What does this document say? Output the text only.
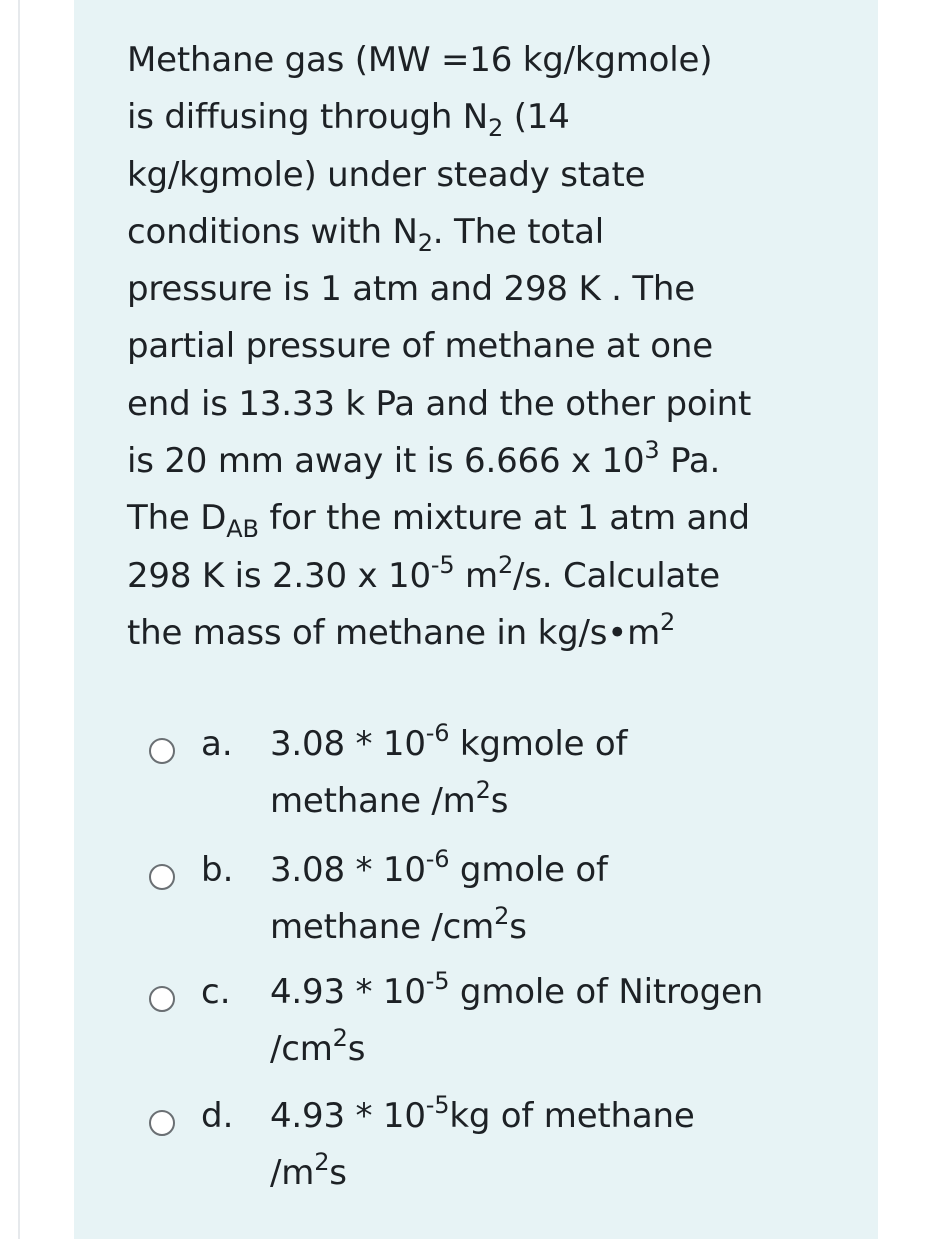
Methane gas (MW =16 kg/kgmole)
is diffusing through $N_2$ (14
kg/kgmole) under steady state
conditions with $N_2$. The total
pressure is 1 atm and 298 K . The
partial pressure of methane at one
end is 13.33 k Pa and the other point
is 20 mm away it is 6.666 x $10^3$ Pa.
The $D_{AB}$ for the mixture at 1 atm and
298 K is 2.30 x $10^{-5}$ $m^2/s$. Calculate
the mass of methane in $kg/s•m^2$
a. $3.08 * 10^{-6}$ kgmole of
methane $/m^2s$
b. $3.08 * 10^{-6}$ gmole of
methane $/cm^2s$
c. $4.93 * 10^{-5}$ gmole of Nitrogen
$/cm^2s$
d. $4.93 * 10^{-5}kg$ of methane
$/m^2s$
